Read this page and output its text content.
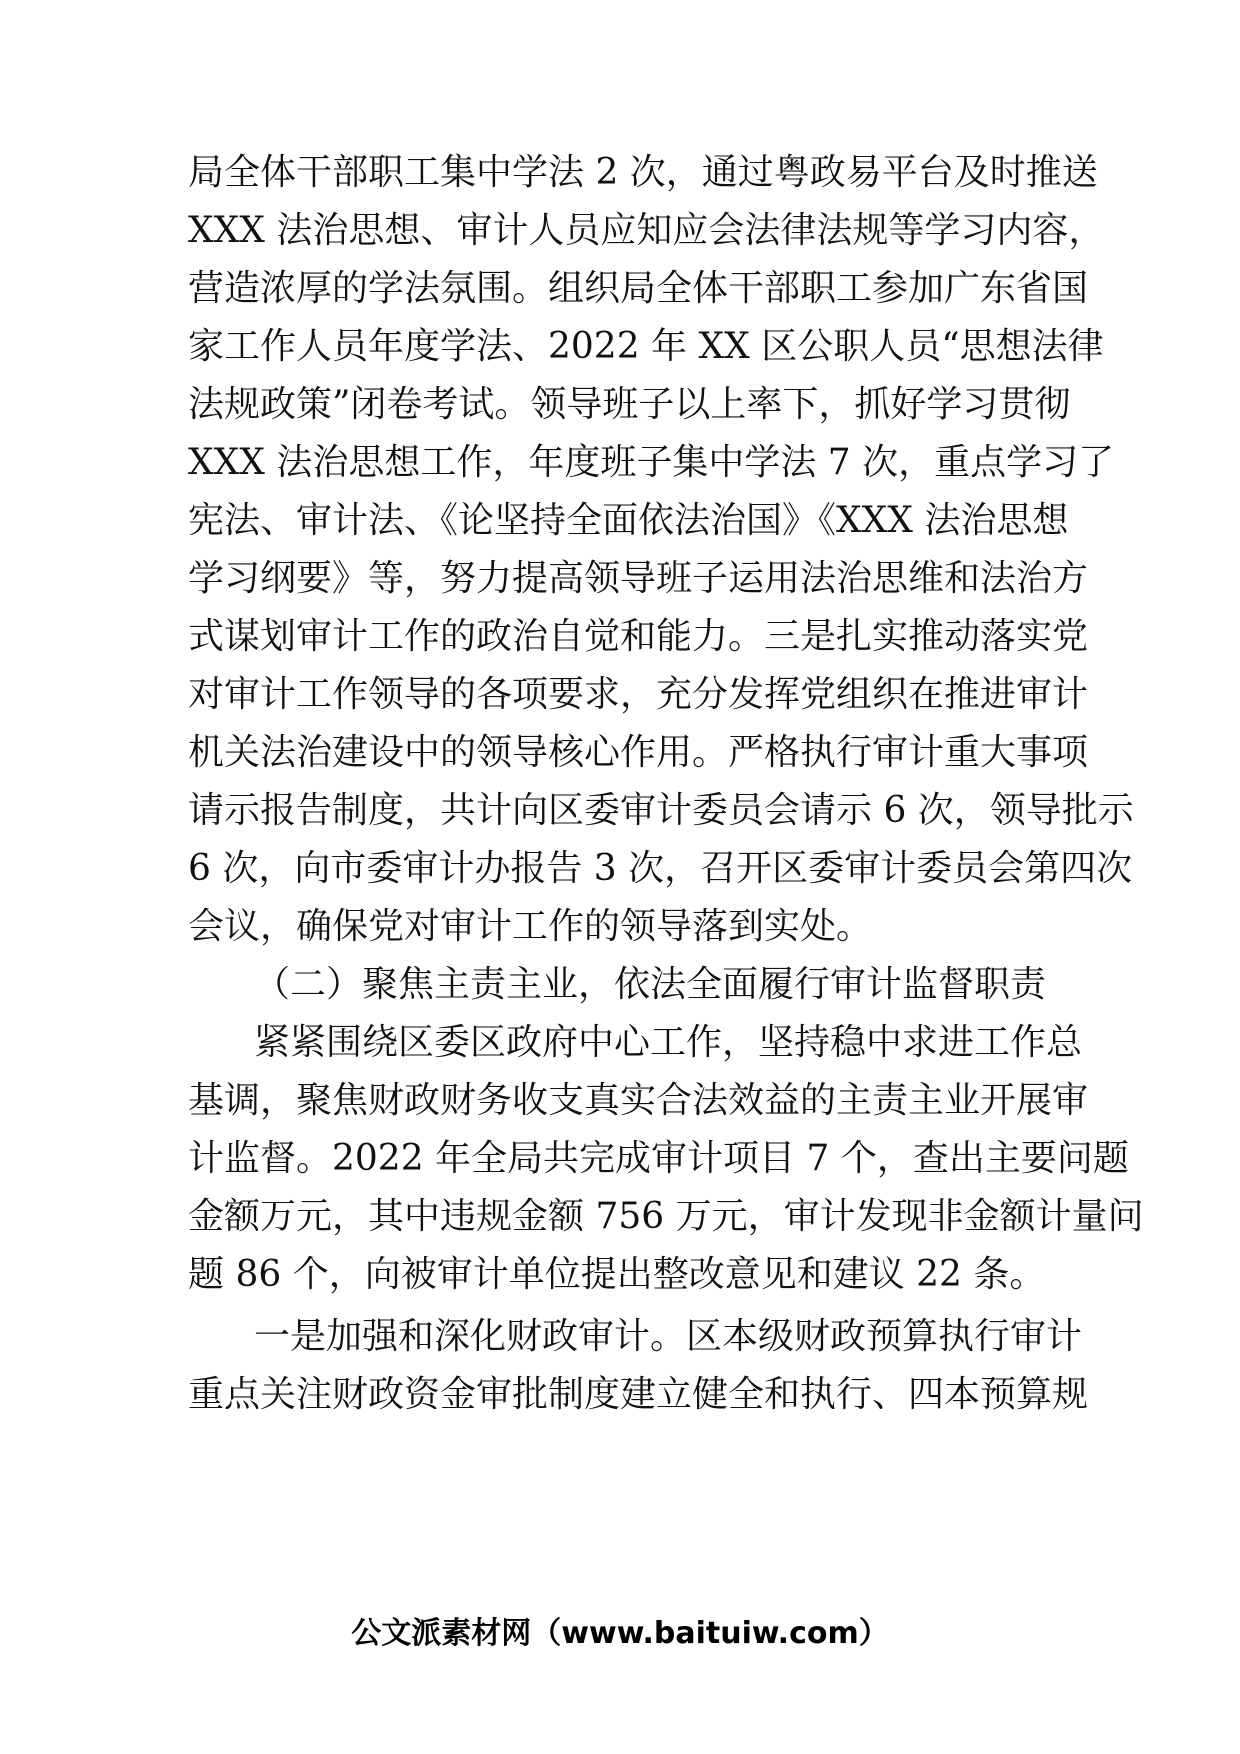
局全体干部职工集中学法 2 次，通过粤政易平台及时推送
XXX 法治思想、审计人员应知应会法律法规等学习内容，
营造浓厚的学法氛围。组织局全体干部职工参加广东省国
家工作人员年度学法、2022 年 XX 区公职人员“思想法律
法规政策”闭卷考试。领导班子以上率下，抓好学习贯彻
XXX 法治思想工作，年度班子集中学法 7 次，重点学习了
宪法、审计法、《论坚持全面依法治国》《XXX 法治思想
学习纲要》等，努力提高领导班子运用法治思维和法治方
式谋划审计工作的政治自觉和能力。三是扎实推动落实党
对审计工作领导的各项要求，充分发挥党组织在推进审计
机关法治建设中的领导核心作用。严格执行审计重大事项
请示报告制度，共计向区委审计委员会请示 6 次，领导批示
6 次，向市委审计办报告 3 次，召开区委审计委员会第四次
会议，确保党对审计工作的领导落到实处。
（二）聚焦主责主业，依法全面履行审计监督职责
紧紧围绕区委区政府中心工作，坚持稳中求进工作总
基调，聚焦财政财务收支真实合法效益的主责主业开展审
计监督。2022 年全局共完成审计项目 7 个，查出主要问题
金额万元，其中违规金额 756 万元，审计发现非金额计量问
题 86 个，向被审计单位提出整改意见和建议 22 条。
一是加强和深化财政审计。区本级财政预算执行审计
重点关注财政资金审批制度建立健全和执行、四本预算规
公文派素材网（www.baituiw.com）
